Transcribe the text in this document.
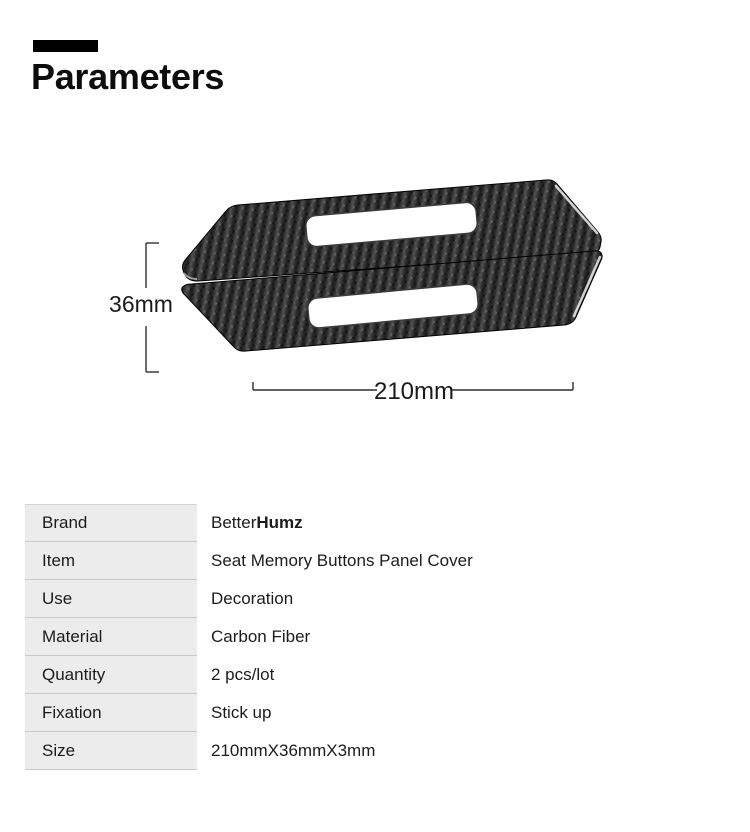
Parameters
36mm
210mm
Brand	Better Humz
Item	Seat Memory Buttons Panel Cover
Use	Decoration
Material	Carbon Fiber
Quantity	2 pcs/lot
Fixation	Stick up
Size	210mmX36mmX3mm
